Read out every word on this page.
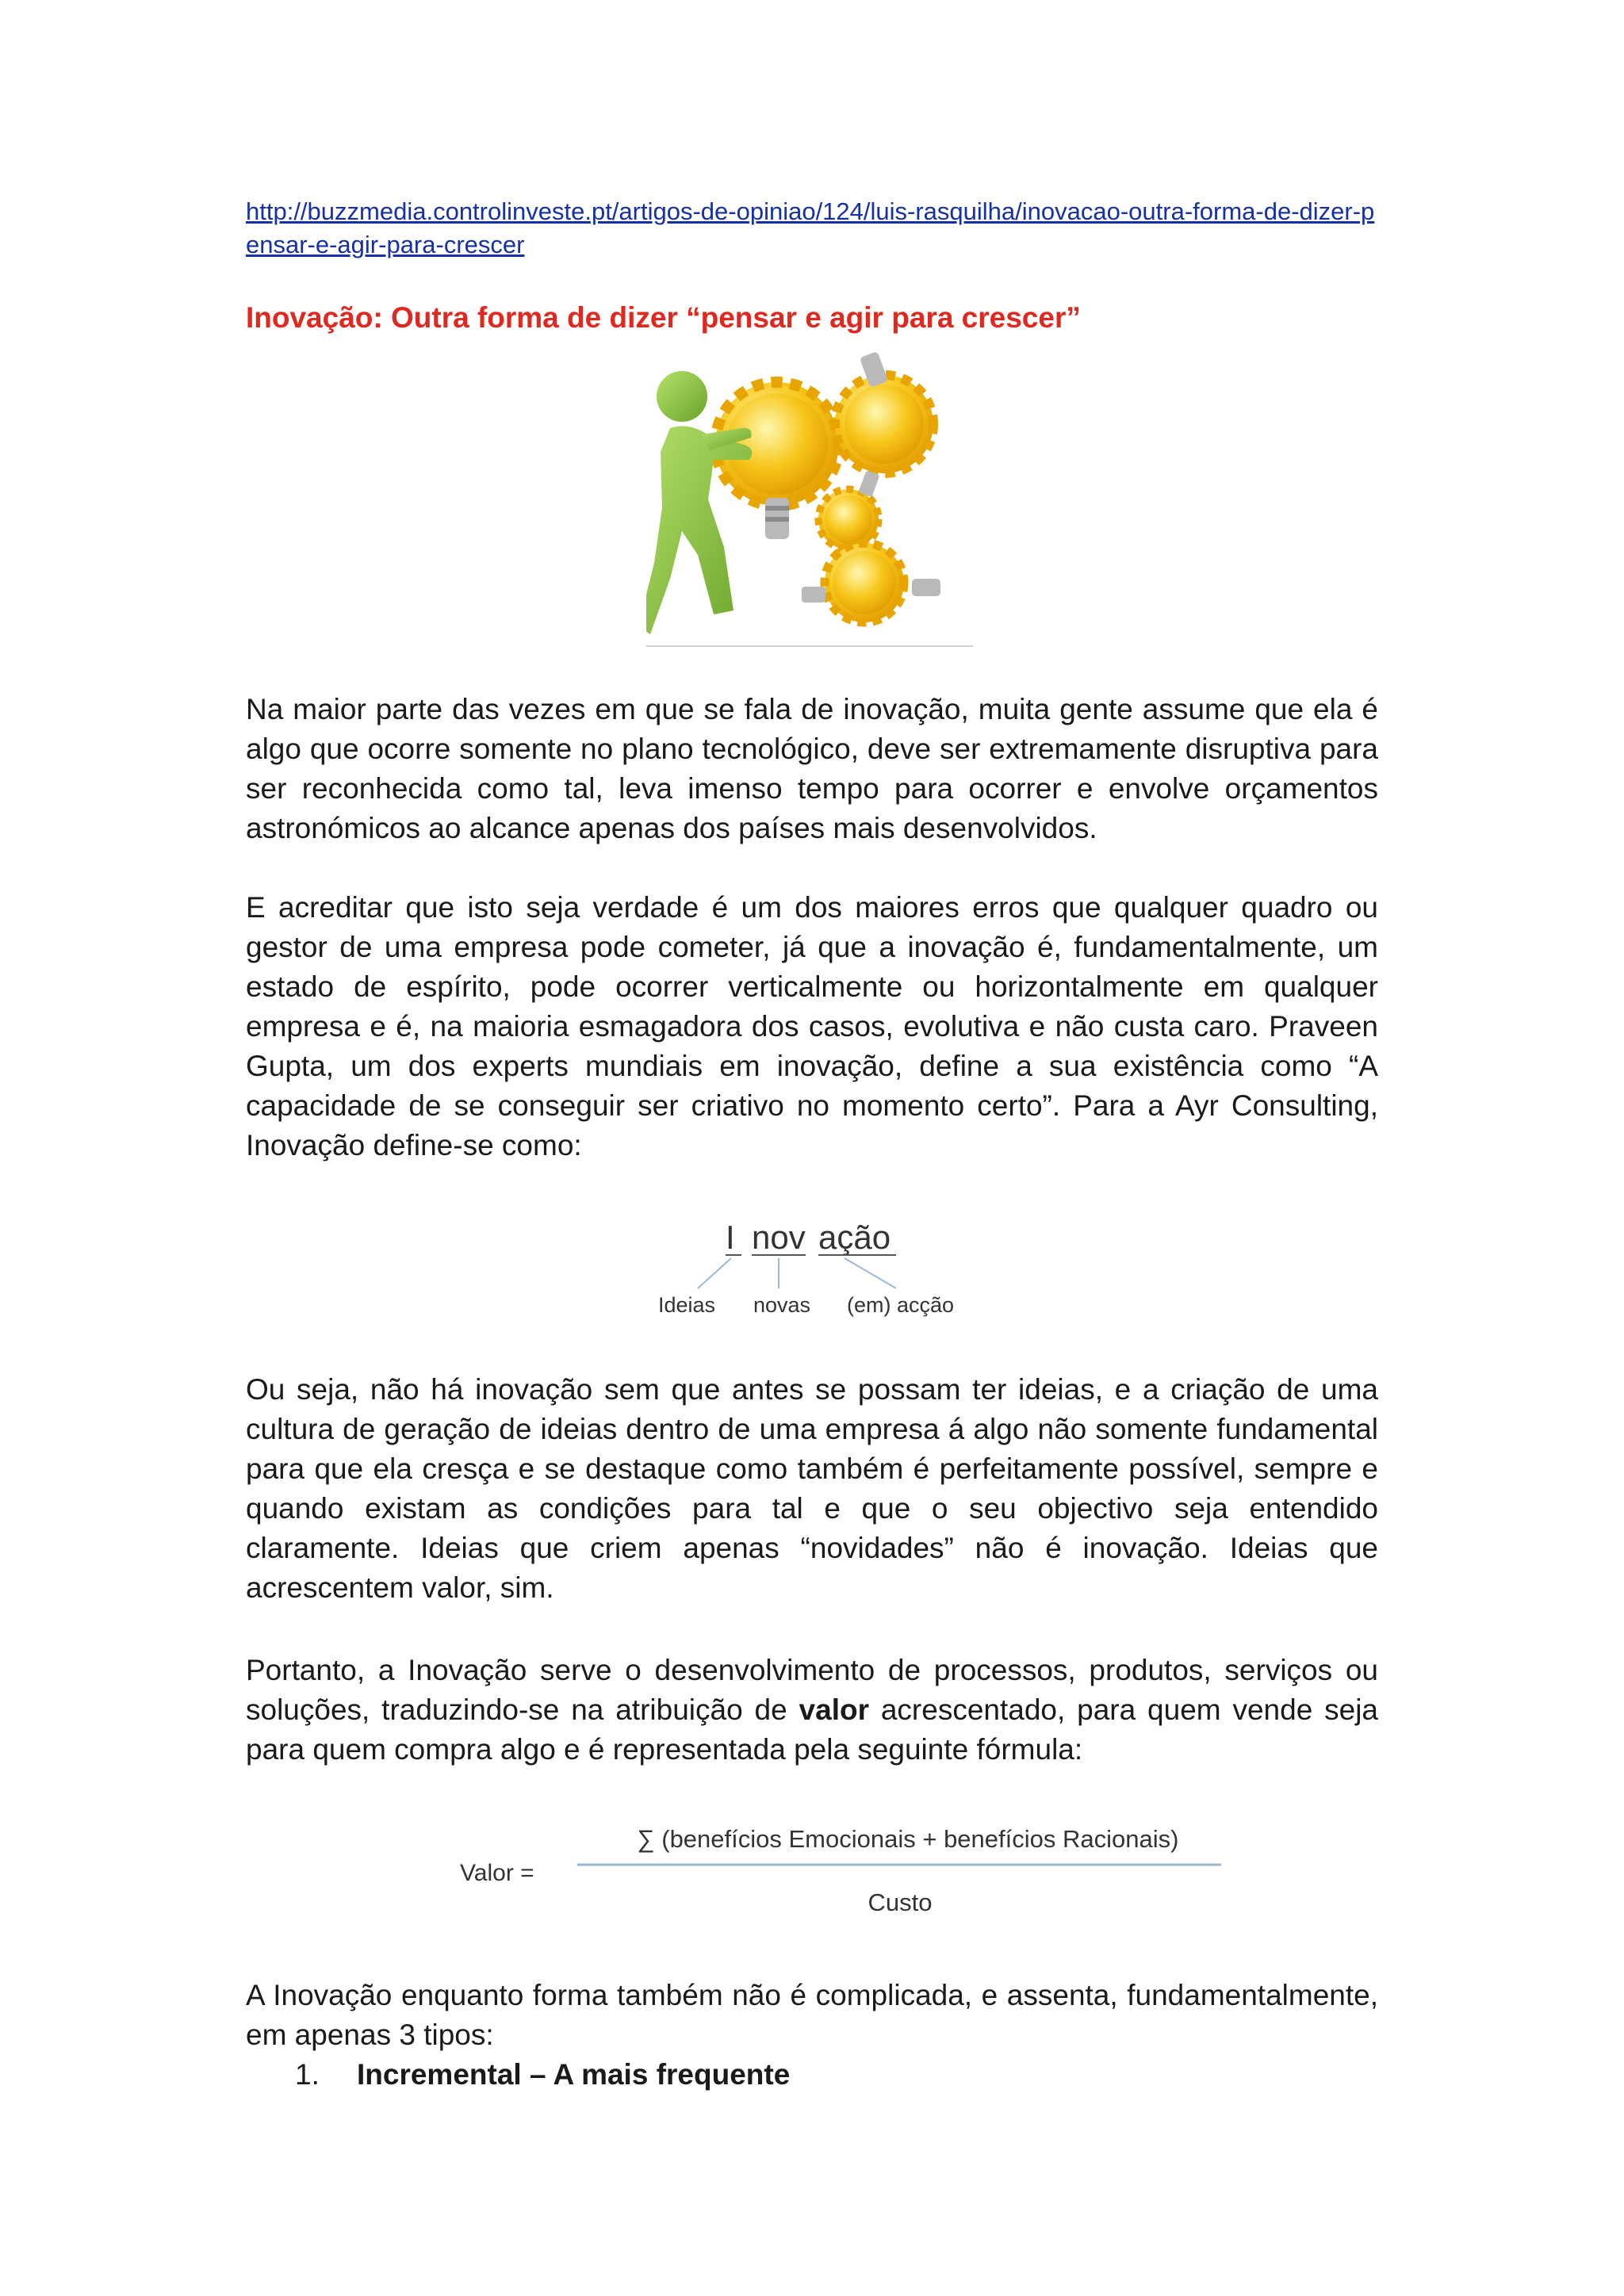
http://buzzmedia.controlinveste.pt/artigos-de-opiniao/124/luis-rasquilha/inovacao-outra-forma-de-dizer-pensar-e-agir-para-crescer
Inovação: Outra forma de dizer “pensar e agir para crescer”

Na maior parte das vezes em que se fala de inovação, muita gente assume que ela é algo que ocorre somente no plano tecnológico, deve ser extremamente disruptiva para ser reconhecida como tal, leva imenso tempo para ocorrer e envolve orçamentos astronómicos ao alcance apenas dos países mais desenvolvidos.

E acreditar que isto seja verdade é um dos maiores erros que qualquer quadro ou gestor de uma empresa pode cometer, já que a inovação é, fundamentalmente, um estado de espírito, pode ocorrer verticalmente ou horizontalmente em qualquer empresa e é, na maioria esmagadora dos casos, evolutiva e não custa caro. Praveen Gupta, um dos experts mundiais em inovação, define a sua existência como “A capacidade de se conseguir ser criativo no momento certo”. Para a Ayr Consulting, Inovação define-se como:

I nov ação
Ideias novas (em) acção

Ou seja, não há inovação sem que antes se possam ter ideias, e a criação de uma cultura de geração de ideias dentro de uma empresa á algo não somente fundamental para que ela cresça e se destaque como também é perfeitamente possível, sempre e quando existam as condições para tal e que o seu objectivo seja entendido claramente. Ideias que criem apenas “novidades” não é inovação. Ideias que acrescentem valor, sim.

Portanto, a Inovação serve o desenvolvimento de processos, produtos, serviços ou soluções, traduzindo-se na atribuição de valor acrescentado, para quem vende seja para quem compra algo e é representada pela seguinte fórmula:

Valor =
∑ (benefícios Emocionais + benefícios Racionais)
Custo

A Inovação enquanto forma também não é complicada, e assenta, fundamentalmente, em apenas 3 tipos:

1. Incremental – A mais frequente
